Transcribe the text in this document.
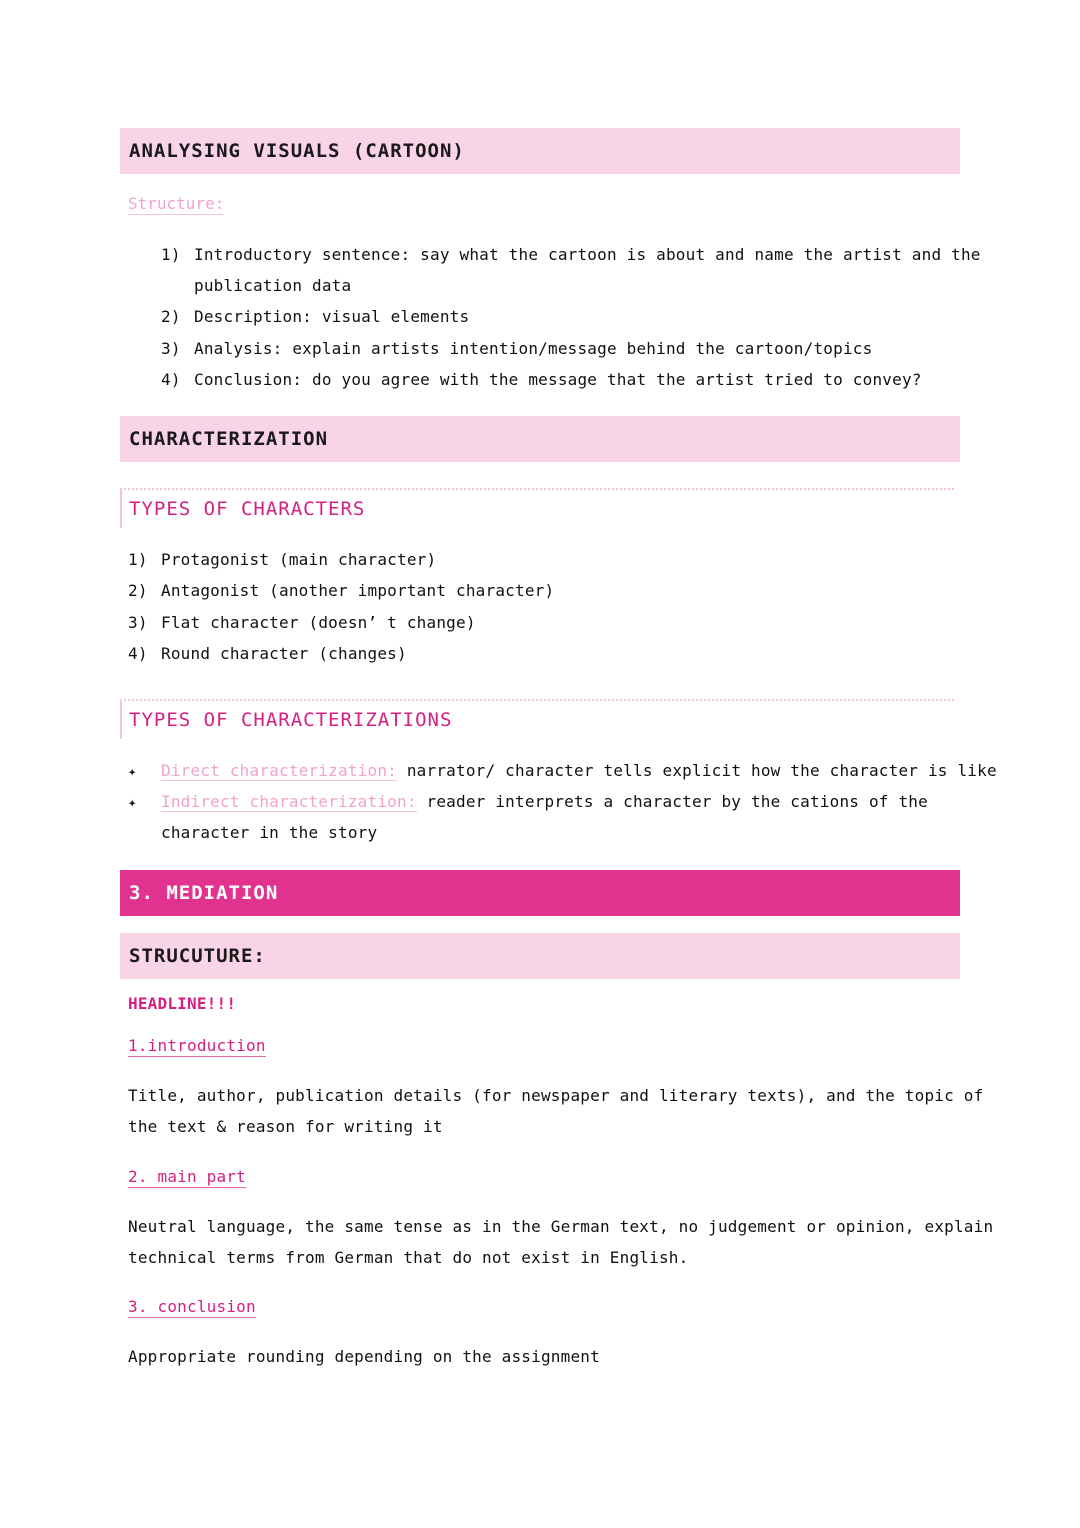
ANALYSING VISUALS (CARTOON)
Structure:
1) Introductory sentence: say what the cartoon is about and name the artist and the
publication data
2) Description: visual elements
3) Analysis: explain artists intention/message behind the cartoon/topics
4) Conclusion: do you agree with the message that the artist tried to convey?
CHARACTERIZATION
TYPES OF CHARACTERS
1) Protagonist (main character)
2) Antagonist (another important character)
3) Flat character (doesn’ t change)
4) Round character (changes)
TYPES OF CHARACTERIZATIONS
✦ Direct characterization: narrator/ character tells explicit how the character is like
✦ Indirect characterization: reader interprets a character by the cations of the
character in the story
3. MEDIATION
STRUCUTURE:
HEADLINE!!!
1.introduction
Title, author, publication details (for newspaper and literary texts), and the topic of
the text & reason for writing it
2. main part
Neutral language, the same tense as in the German text, no judgement or opinion, explain
technical terms from German that do not exist in English.
3. conclusion
Appropriate rounding depending on the assignment
